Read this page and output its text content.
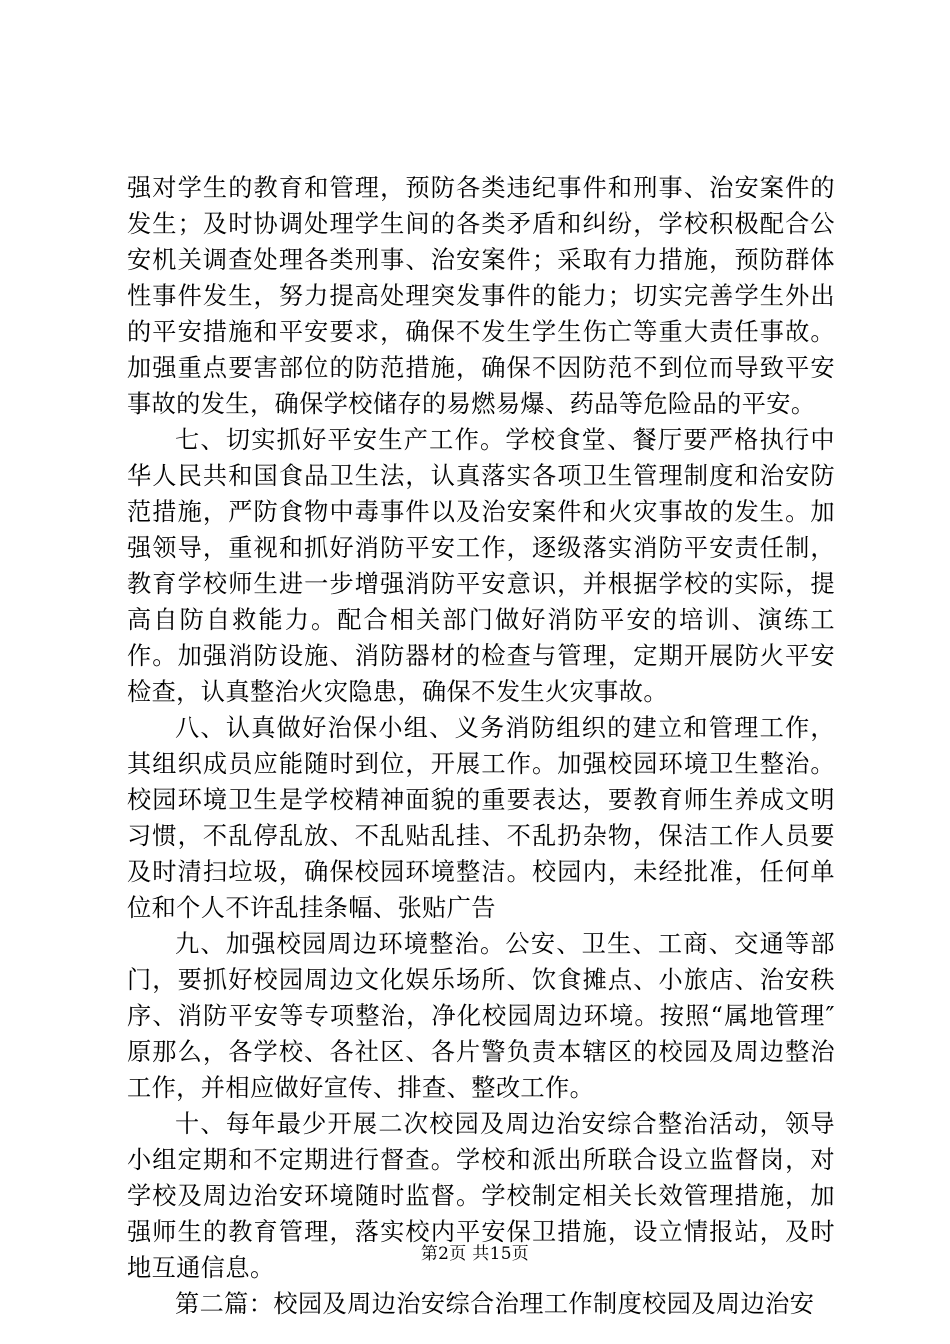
强对学生的教育和管理，预防各类违纪事件和刑事、治安案件的发生；及时协调处理学生间的各类矛盾和纠纷，学校积极配合公安机关调查处理各类刑事、治安案件；采取有力措施，预防群体性事件发生，努力提高处理突发事件的能力；切实完善学生外出的平安措施和平安要求，确保不发生学生伤亡等重大责任事故。加强重点要害部位的防范措施，确保不因防范不到位而导致平安事故的发生，确保学校储存的易燃易爆、药品等危险品的平安。

七、切实抓好平安生产工作。学校食堂、餐厅要严格执行中华人民共和国食品卫生法，认真落实各项卫生管理制度和治安防范措施，严防食物中毒事件以及治安案件和火灾事故的发生。加强领导，重视和抓好消防平安工作，逐级落实消防平安责任制，教育学校师生进一步增强消防平安意识，并根据学校的实际，提高自防自救能力。配合相关部门做好消防平安的培训、演练工作。加强消防设施、消防器材的检查与管理，定期开展防火平安检查，认真整治火灾隐患，确保不发生火灾事故。

八、认真做好治保小组、义务消防组织的建立和管理工作，其组织成员应能随时到位，开展工作。加强校园环境卫生整治。校园环境卫生是学校精神面貌的重要表达，要教育师生养成文明习惯，不乱停乱放、不乱贴乱挂、不乱扔杂物，保洁工作人员要及时清扫垃圾，确保校园环境整洁。校园内，未经批准，任何单位和个人不许乱挂条幅、张贴广告

九、加强校园周边环境整治。公安、卫生、工商、交通等部门，要抓好校园周边文化娱乐场所、饮食摊点、小旅店、治安秩序、消防平安等专项整治，净化校园周边环境。按照“属地管理″原那么，各学校、各社区、各片警负责本辖区的校园及周边整治工作，并相应做好宣传、排查、整改工作。

十、每年最少开展二次校园及周边治安综合整治活动，领导小组定期和不定期进行督查。学校和派出所联合设立监督岗，对学校及周边治安环境随时监督。学校制定相关长效管理措施，加强师生的教育管理，落实校内平安保卫措施，设立情报站，及时地互通信息。

第二篇：校园及周边治安综合治理工作制度校园及周边治安

第2页 共15页
